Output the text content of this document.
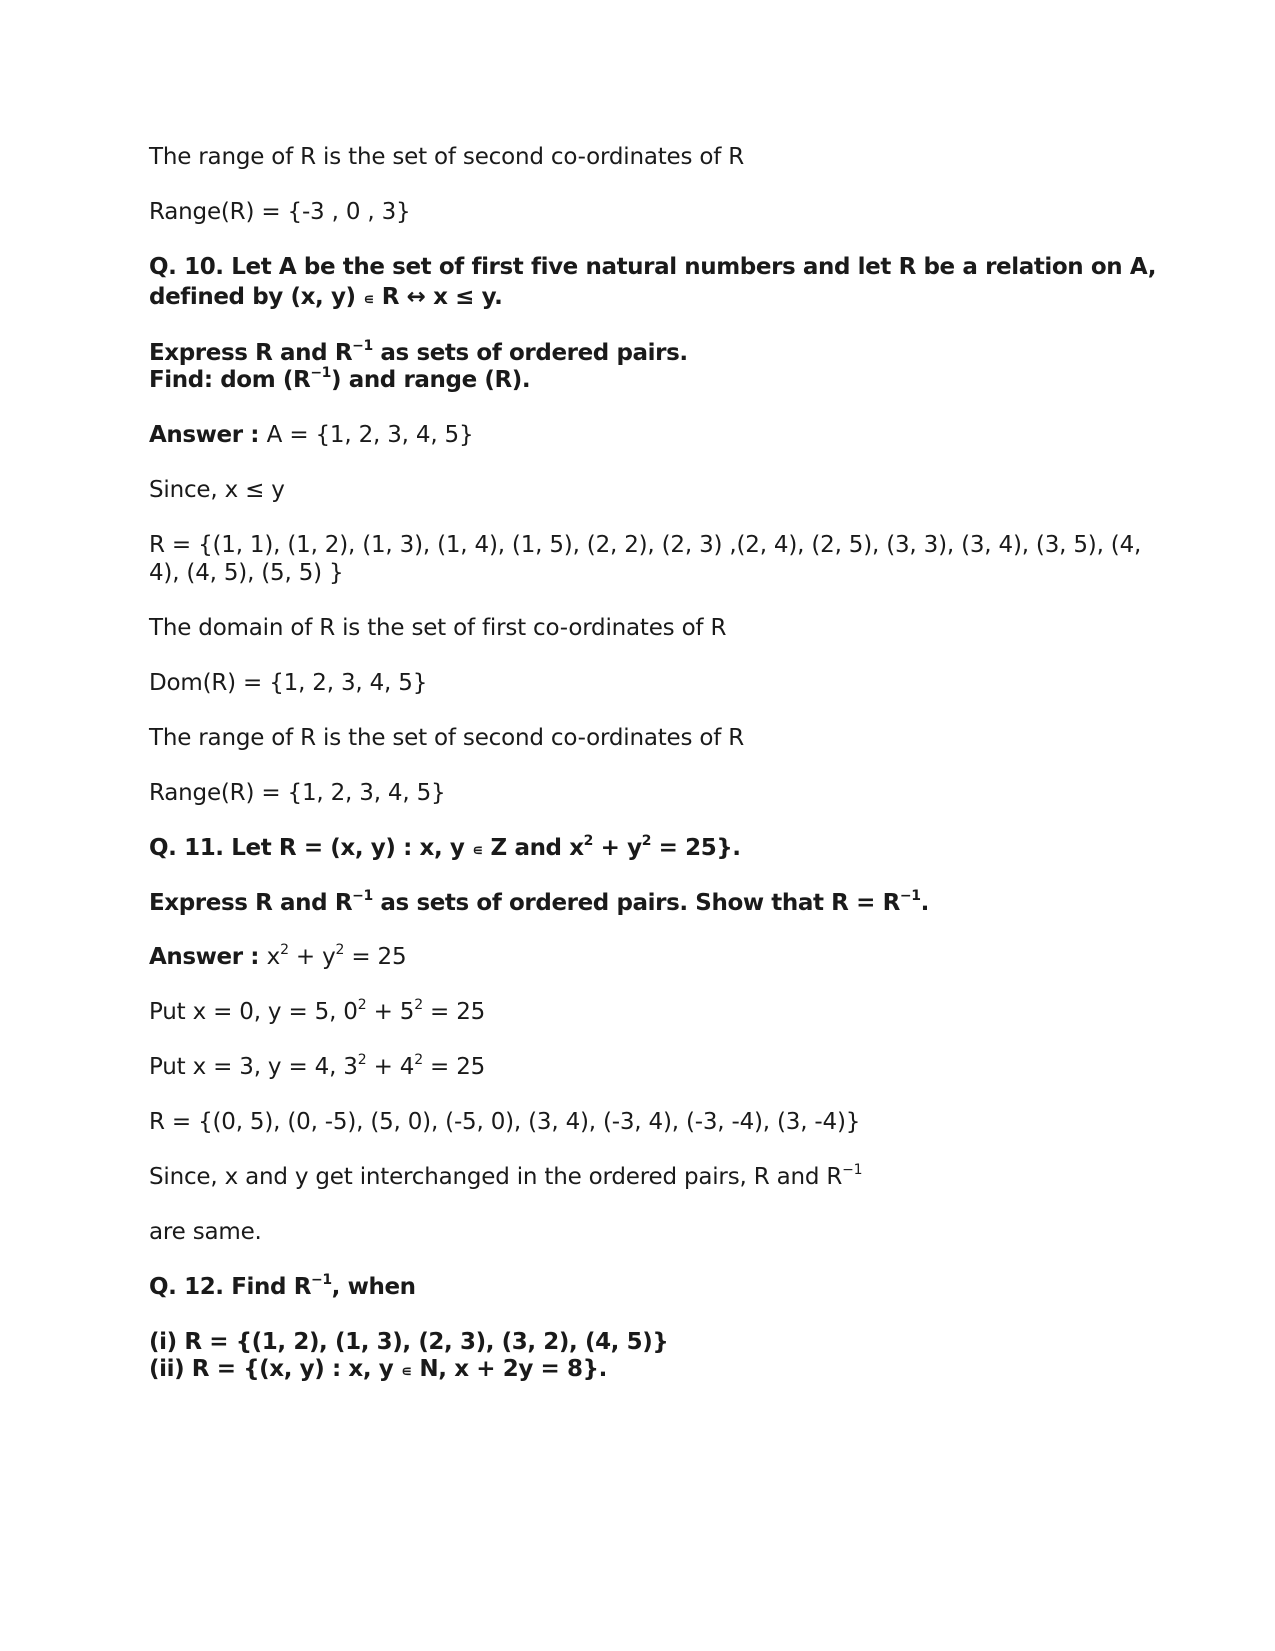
The range of R is the set of second co-ordinates of R
Range(R) = {-3 , 0 , 3}
Q. 10. Let A be the set of first five natural numbers and let R be a relation on A,
defined by (x, y) ∊ R ↔ x ≤ y.
Express R and $R^{-1}$ as sets of ordered pairs.
Find: dom $(R^{-1})$ and range (R).
Answer : A = {1, 2, 3, 4, 5}
Since, x ≤ y
R = {(1, 1), (1, 2), (1, 3), (1, 4), (1, 5), (2, 2), (2, 3) ,(2, 4), (2, 5), (3, 3), (3, 4), (3, 5), (4,
4), (4, 5), (5, 5) }
The domain of R is the set of first co-ordinates of R
Dom(R) = {1, 2, 3, 4, 5}
The range of R is the set of second co-ordinates of R
Range(R) = {1, 2, 3, 4, 5}
Q. 11. Let R = (x, y) : x, y ∊ Z and $x^2 + y^2 = 25$}.
Express R and $R^{-1}$ as sets of ordered pairs. Show that $R = R^{-1}$.
Answer : $x^2 + y^2 = 25$
Put x = 0, y = 5, $0^2 + 5^2 = 25$
Put x = 3, y = 4, $3^2 + 4^2 = 25$
R = {(0, 5), (0, -5), (5, 0), (-5, 0), (3, 4), (-3, 4), (-3, -4), (3, -4)}
Since, x and y get interchanged in the ordered pairs, R and $R^{-1}$
are same.
Q. 12. Find $R^{-1}$, when
(i) R = {(1, 2), (1, 3), (2, 3), (3, 2), (4, 5)}
(ii) R = {(x, y) : x, y ∊ N, x + 2y = 8}.
